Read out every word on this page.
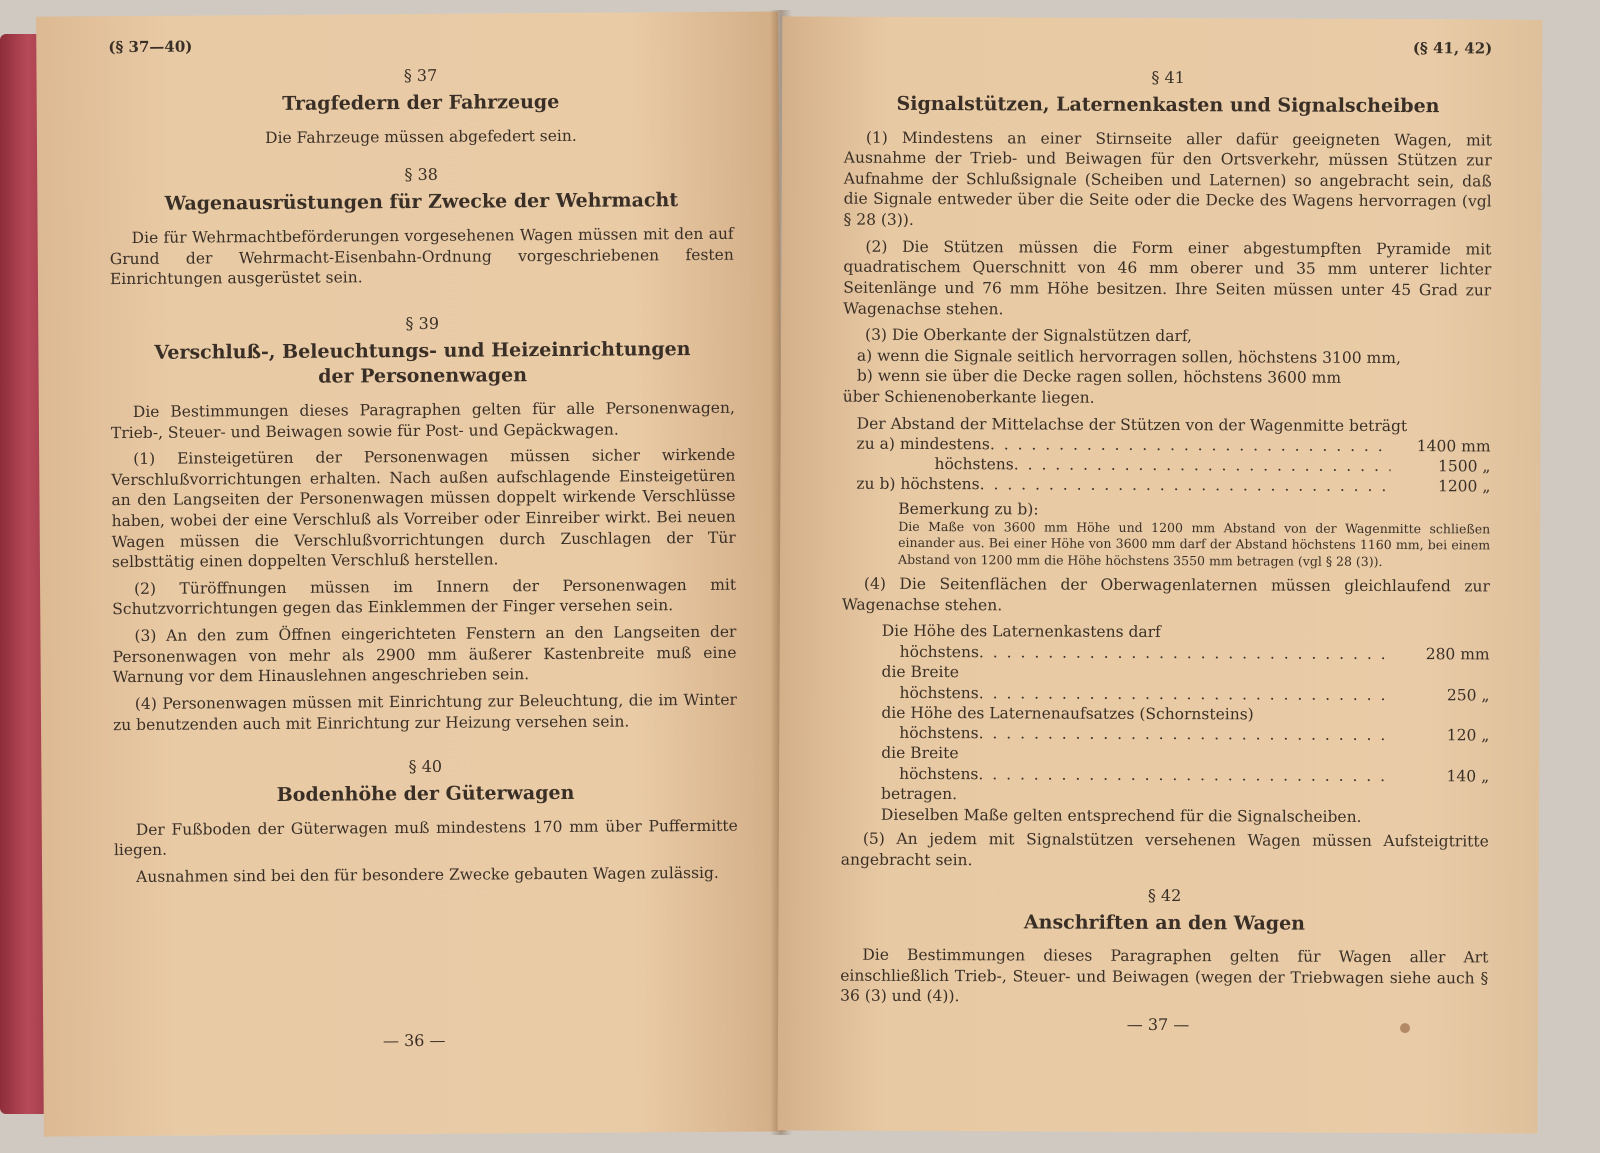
(§ 37—40)
§ 37
Tragfedern der Fahrzeuge

Die Fahrzeuge müssen abgefedert sein.

§ 38
Wagenausrüstungen für Zwecke der Wehrmacht

Die für Wehrmachtbeförderungen vorgesehenen Wagen müssen mit den auf Grund der Wehrmacht-Eisenbahn-Ordnung vorgeschriebenen festen Einrichtungen ausgerüstet sein.

§ 39
Verschluß-, Beleuchtungs- und Heizeinrichtungen
der Personenwagen

Die Bestimmungen dieses Paragraphen gelten für alle Personenwagen, Trieb-, Steuer- und Beiwagen sowie für Post- und Gepäckwagen.

(1) Einsteigetüren der Personenwagen müssen sicher wirkende Verschlußvorrichtungen erhalten. Nach außen aufschlagende Einsteigetüren an den Langseiten der Personenwagen müssen doppelt wirkende Verschlüsse haben, wobei der eine Verschluß als Vorreiber oder Einreiber wirkt. Bei neuen Wagen müssen die Verschlußvorrichtungen durch Zuschlagen der Tür selbsttätig einen doppelten Verschluß herstellen.

(2) Türöffnungen müssen im Innern der Personenwagen mit Schutzvorrichtungen gegen das Einklemmen der Finger versehen sein.

(3) An den zum Öffnen eingerichteten Fenstern an den Langseiten der Personenwagen von mehr als 2900 mm äußerer Kastenbreite muß eine Warnung vor dem Hinauslehnen angeschrieben sein.

(4) Personenwagen müssen mit Einrichtung zur Beleuchtung, die im Winter zu benutzenden auch mit Einrichtung zur Heizung versehen sein.

§ 40
Bodenhöhe der Güterwagen

Der Fußboden der Güterwagen muß mindestens 170 mm über Puffermitte liegen.

Ausnahmen sind bei den für besondere Zwecke gebauten Wagen zulässig.

— 36 —
(§ 41, 42)
§ 41
Signalstützen, Laternenkasten und Signalscheiben

(1) Mindestens an einer Stirnseite aller dafür geeigneten Wagen, mit Ausnahme der Trieb- und Beiwagen für den Ortsverkehr, müssen Stützen zur Aufnahme der Schlußsignale (Scheiben und Laternen) so angebracht sein, daß die Signale entweder über die Seite oder die Decke des Wagens hervorragen (vgl § 28 (3)).

(2) Die Stützen müssen die Form einer abgestumpften Pyramide mit quadratischem Querschnitt von 46 mm oberer und 35 mm unterer lichter Seitenlänge und 76 mm Höhe besitzen. Ihre Seiten müssen unter 45 Grad zur Wagenachse stehen.

(3) Die Oberkante der Signalstützen darf,

a) wenn die Signale seitlich hervorragen sollen, höchstens 3100 mm,

b) wenn sie über die Decke ragen sollen, höchstens 3600 mm

über Schienenoberkante liegen.

Der Abstand der Mittelachse der Stützen von der Wagenmitte beträgt

zu a) mindestens . . .	1400 mm
höchstens . . .	1500 „
zu b) höchstens . . .	1200 „

Bemerkung zu b):

Die Maße von 3600 mm Höhe und 1200 mm Abstand von der Wagenmitte schließen einander aus. Bei einer Höhe von 3600 mm darf der Abstand höchstens 1160 mm, bei einem Abstand von 1200 mm die Höhe höchstens 3550 mm betragen (vgl § 28 (3)).

(4) Die Seitenflächen der Oberwagenlaternen müssen gleichlaufend zur Wagenachse stehen.

Die Höhe des Laternenkastens darf

höchstens . . .	280 mm

die Breite

höchstens . . .	250 „

die Höhe des Laternenaufsatzes (Schornsteins)

höchstens . . .	120 „

die Breite

höchstens . . .	140 „

betragen.

Dieselben Maße gelten entsprechend für die Signalscheiben.

(5) An jedem mit Signalstützen versehenen Wagen müssen Aufsteigtritte angebracht sein.

§ 42
Anschriften an den Wagen

Die Bestimmungen dieses Paragraphen gelten für Wagen aller Art einschließlich Trieb-, Steuer- und Beiwagen (wegen der Triebwagen siehe auch § 36 (3) und (4)).

— 37 —
